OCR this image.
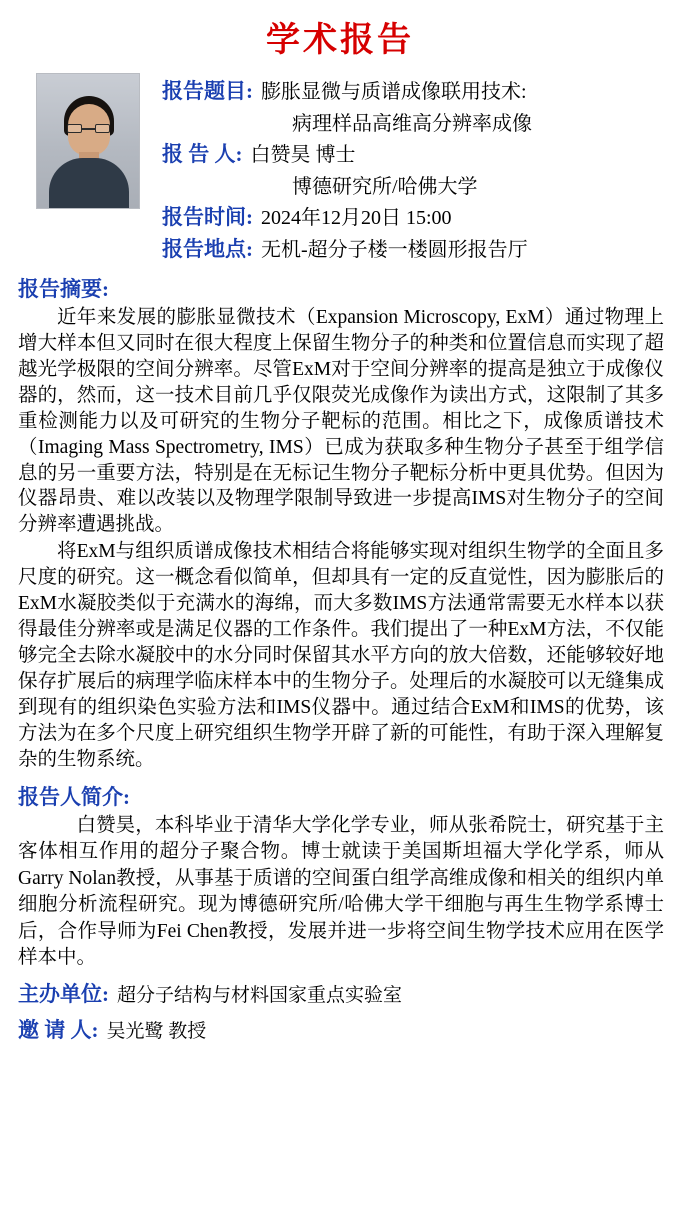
学术报告
报告题目: 膨胀显微与质谱成像联用技术:
病理样品高维高分辨率成像
报 告 人: 白赞昊 博士
博德研究所/哈佛大学
报告时间: 2024年12月20日 15:00
报告地点: 无机-超分子楼一楼圆形报告厅
报告摘要:
近年来发展的膨胀显微技术（Expansion Microscopy, ExM）通过物理上增大样本但又同时在很大程度上保留生物分子的种类和位置信息而实现了超越光学极限的空间分辨率。尽管ExM对于空间分辨率的提高是独立于成像仪器的，然而，这一技术目前几乎仅限荧光成像作为读出方式，这限制了其多重检测能力以及可研究的生物分子靶标的范围。相比之下，成像质谱技术（Imaging Mass Spectrometry, IMS）已成为获取多种生物分子甚至于组学信息的另一重要方法，特别是在无标记生物分子靶标分析中更具优势。但因为仪器昂贵、难以改装以及物理学限制导致进一步提高IMS对生物分子的空间分辨率遭遇挑战。
将ExM与组织质谱成像技术相结合将能够实现对组织生物学的全面且多尺度的研究。这一概念看似简单，但却具有一定的反直觉性，因为膨胀后的ExM水凝胶类似于充满水的海绵，而大多数IMS方法通常需要无水样本以获得最佳分辨率或是满足仪器的工作条件。我们提出了一种ExM方法，不仅能够完全去除水凝胶中的水分同时保留其水平方向的放大倍数，还能够较好地保存扩展后的病理学临床样本中的生物分子。处理后的水凝胶可以无缝集成到现有的组织染色实验方法和IMS仪器中。通过结合ExM和IMS的优势，该方法为在多个尺度上研究组织生物学开辟了新的可能性，有助于深入理解复杂的生物系统。
报告人简介:
白赞昊，本科毕业于清华大学化学专业，师从张希院士，研究基于主客体相互作用的超分子聚合物。博士就读于美国斯坦福大学化学系，师从Garry Nolan教授，从事基于质谱的空间蛋白组学高维成像和相关的组织内单细胞分析流程研究。现为博德研究所/哈佛大学干细胞与再生生物学系博士后，合作导师为Fei Chen教授，发展并进一步将空间生物学技术应用在医学样本中。
主办单位: 超分子结构与材料国家重点实验室
邀 请 人: 吴光鹭 教授
